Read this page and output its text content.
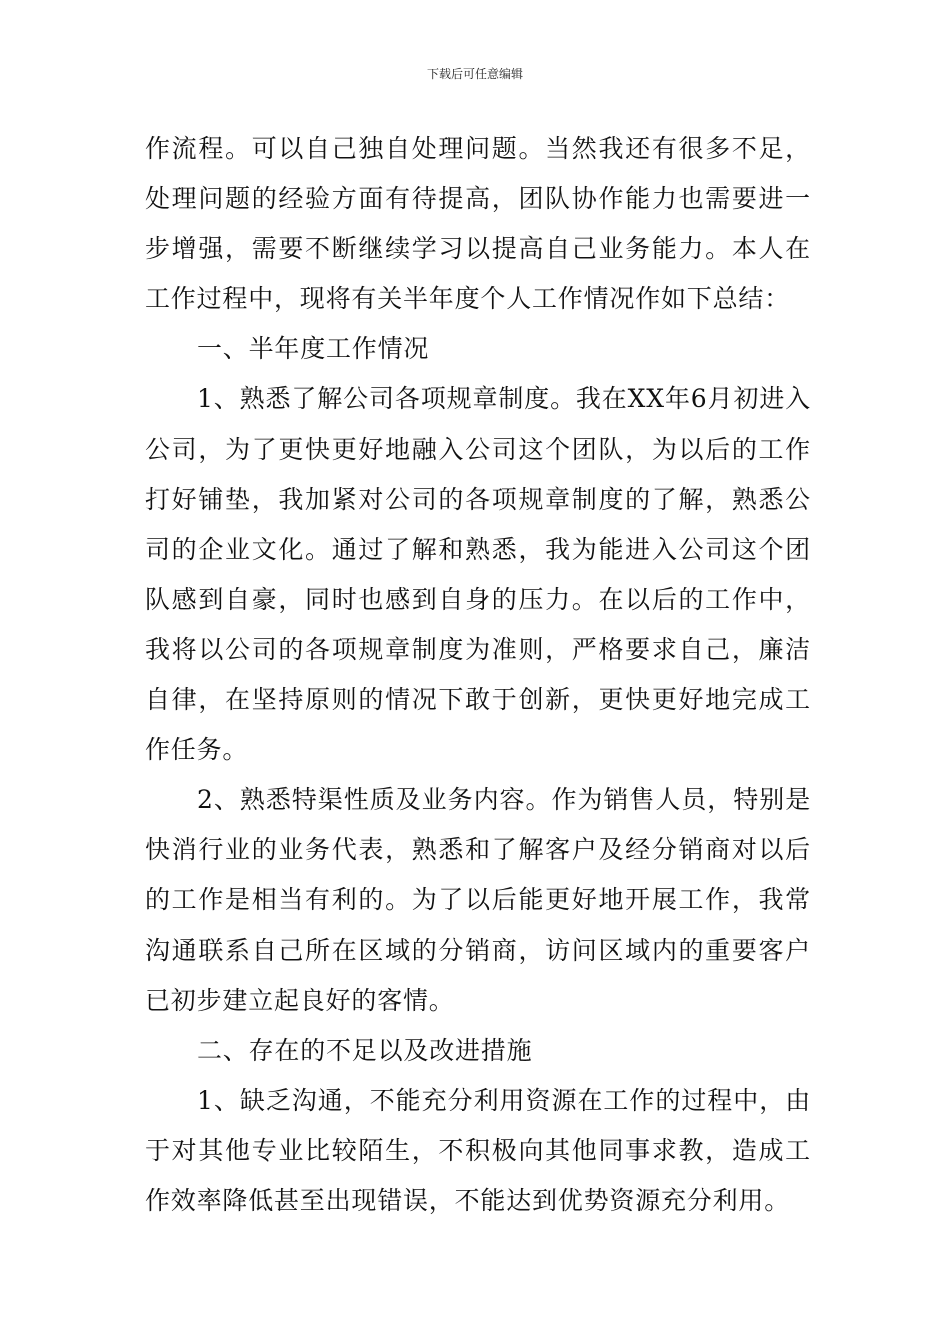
下载后可任意编辑

作流程。可以自己独自处理问题。当然我还有很多不足，处理问题的经验方面有待提高，团队协作能力也需要进一步增强，需要不断继续学习以提高自己业务能力。本人在工作过程中，现将有关半年度个人工作情况作如下总结：

一、半年度工作情况

1、熟悉了解公司各项规章制度。我在XX年6月初进入公司，为了更快更好地融入公司这个团队，为以后的工作打好铺垫，我加紧对公司的各项规章制度的了解，熟悉公司的企业文化。通过了解和熟悉，我为能进入公司这个团队感到自豪，同时也感到自身的压力。在以后的工作中，我将以公司的各项规章制度为准则，严格要求自己，廉洁自律，在坚持原则的情况下敢于创新，更快更好地完成工作任务。

2、熟悉特渠性质及业务内容。作为销售人员，特别是快消行业的业务代表，熟悉和了解客户及经分销商对以后的工作是相当有利的。为了以后能更好地开展工作，我常沟通联系自己所在区域的分销商，访问区域内的重要客户已初步建立起良好的客情。

二、存在的不足以及改进措施

1、缺乏沟通，不能充分利用资源在工作的过程中，由于对其他专业比较陌生，不积极向其他同事求教，造成工作效率降低甚至出现错误，不能达到优势资源充分利用。
